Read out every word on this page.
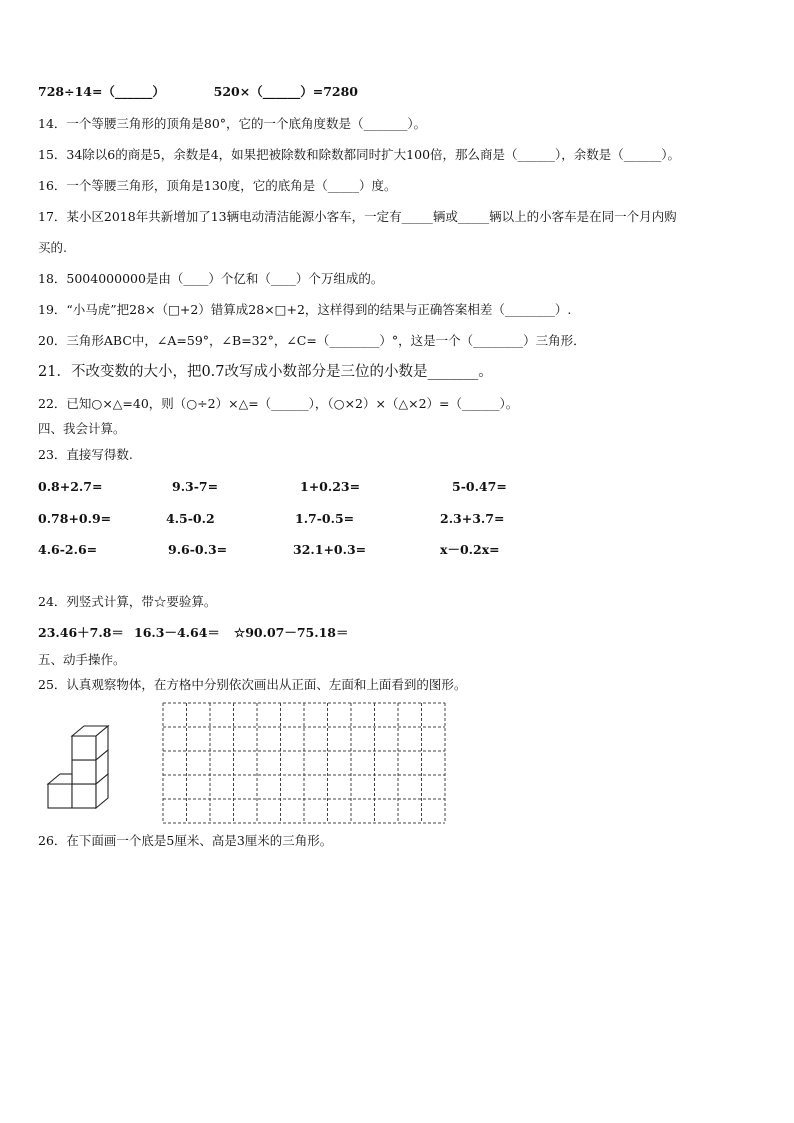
728÷14=（______）	520×（______）=7280
14．一个等腰三角形的顶角是80°，它的一个底角度数是（_______）。
15．34除以6的商是5，余数是4，如果把被除数和除数都同时扩大100倍，那么商是（______），余数是（______）。
16．一个等腰三角形，顶角是130度，它的底角是（_____）度。
17．某小区2018年共新增加了13辆电动清洁能源小客车，一定有_____辆或_____辆以上的小客车是在同一个月内购
买的.
18．5004000000是由（____）个亿和（____）个万组成的。
19．“小马虎”把28×（□+2）错算成28×□+2，这样得到的结果与正确答案相差（________）.
20．三角形ABC中，∠A=59°，∠B=32°，∠C=（________）°，这是一个（________）三角形．
21．不改变数的大小，把0.7改写成小数部分是三位的小数是_______。
22．已知○×△=40，则（○÷2）×△=（______），（○×2）×（△×2）=（______）。
四、我会计算。
23．直接写得数.
0.8+2.7=	9.3-7=	1+0.23=	5-0.47=
0.78+0.9=	4.5-0.2	1.7-0.5=	2.3+3.7=
4.6-2.6=	9.6-0.3=	32.1+0.3=	x－0.2x=
24．列竖式计算，带☆要验算。
23.46＋7.8＝ 16.3－4.64＝ ☆90.07－75.18＝
五、动手操作。
25．认真观察物体，在方格中分别依次画出从正面、左面和上面看到的图形。
26．在下面画一个底是5厘米、高是3厘米的三角形。
